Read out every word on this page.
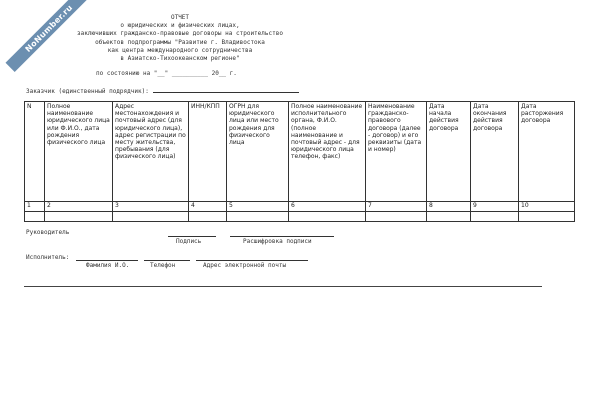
NoNumber.ru	ОТЧЕТ
о юридических и физических лицах,
заключивших гражданско-правовые договоры на строительство
объектов подпрограммы "Развитие г. Владивостока
как центра международного сотрудничества
в Азиатско-Тихоокеанском регионе"
по состоянию на "__" __________ 20__ г.
Заказчик (единственный подрядчик):
N	Полное наименование юридического лица или Ф.И.О., дата рождения физического лица	Адрес местонахождения и почтовый адрес (для юридического лица), адрес регистрации по месту жительства, пребывания (для физического лица)	ИНН/КПП	ОГРН для юридического лица или место рождения для физического лица	Полное наименование исполнительного органа, Ф.И.О. (полное наименование и почтовый адрес - для юридического лица телефон, факс)	Наименование гражданско-правового договора (далее - договор) и его реквизиты (дата и номер)	Дата начала действия договора	Дата окончания действия договора	Дата расторжения договора
1	2	3	4	5	6	7	8	9	10

Руководитель
Подпись	Расшифровка подписи
Исполнитель:
Фамилия И.О.	Телефон	Адрес электронной почты
